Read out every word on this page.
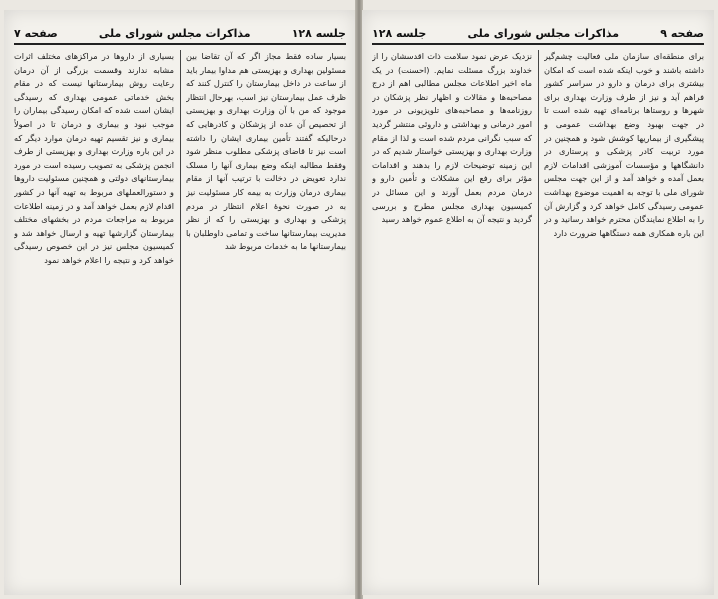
جلسه ۱۲۸
مذاکرات مجلس شورای ملی
صفحه ۷

بسیار ساده فقط مجاز اگر که آن تقاضا بین مسئولین بهداری و بهزیستی هم مداوا بیمار باید از ساعت در داخل بیمارستان را کنترل کنند که ظرف عمل بیمارستان نیز اسب، بهرحال انتظار موجود که من با آن وزارت بهداری و بهزیستی از تحصیص آن عده از پزشکان و کادرهایی که درحالیکه گفتند تأمین بیماری ایشان را داشته است نیز تا قاضای پزشکی مطلوب منظر شود وفقط مطالبه اینکه وضع بیماری آنها را مسلک ندارد تعویض در دخالت با ترتیب آنها از مقام بیماری درمان وزارت به بیمه کار مسئولیت نیز به در صورت نحوهٔ اعلام انتظار در مردم پزشکی و بهداری و بهزیستی را که از نظر مدیریت بیمارستانها ساخت و تمامی داوطلبان با بیمارستانها ما به خدمات مربوط شد

بسیاری از داروها در مراکزهای مختلف اثرات مشابه ندارند وقسمت بزرگی از آن درمان رعایت روش بیمارستانها نیست که در مقام بخش خدماتی عمومی بهداری که رسیدگی ایشان است شده که امکان رسیدگی بیماران را موجب نبود و بیماری و درمان تا در اصولاً بیماری و نیز تقسیم تهیه درمان موارد دیگر که در این باره وزارت بهداری و بهزیستی از طرف انجمن پزشکی به تصویب رسیده است در مورد بیمارستانهای دولتی و همچنین مسئولیت داروها و دستورالعملهای مربوط به تهیه آنها در کشور اقدام لازم بعمل خواهد آمد و در زمینه اطلاعات مربوط به مراجعات مردم در بخشهای مختلف بیمارستان گزارشها تهیه و ارسال خواهد شد و کمیسیون مجلس نیز در این خصوص رسیدگی خواهد کرد و نتیجه را اعلام خواهد نمود

صفحه ۹
مذاکرات مجلس شورای ملی
جلسه ۱۲۸

برای منطقه‌ای سازمان ملی فعالیت چشم‌گیر داشته باشند و خوب اینکه شده است که امکان بیشتری برای درمان و دارو در سراسر کشور فراهم آید و نیز از طرف وزارت بهداری برای شهرها و روستاها برنامه‌ای تهیه شده است تا در جهت بهبود وضع بهداشت عمومی و پیشگیری از بیماریها کوشش شود و همچنین در مورد تربیت کادر پزشکی و پرستاری در دانشگاهها و مؤسسات آموزشی اقدامات لازم بعمل آمده و خواهد آمد و از این جهت مجلس شورای ملی با توجه به اهمیت موضوع بهداشت عمومی رسیدگی کامل خواهد کرد و گزارش آن را به اطلاع نمایندگان محترم خواهد رسانید و در این باره همکاری همه دستگاهها ضرورت دارد

نزدیک عرض نمود سلامت ذات اقدسشان را از خداوند بزرگ مسئلت نمایم. (احسنت) در یک ماه اخیر اطلاعات مجلس مطالبی اهم از درج مصاحبه‌ها و مقالات و اظهار نظر پزشکان در روزنامه‌ها و مصاحبه‌های تلویزیونی در مورد امور درمانی و بهداشتی و داروئی منتشر گردید که سبب نگرانی مردم شده است و لذا از مقام وزارت بهداری و بهزیستی خواستار شدیم که در این زمینه توضیحات لازم را بدهند و اقدامات مؤثر برای رفع این مشکلات و تأمین دارو و درمان مردم بعمل آورند و این مسائل در کمیسیون بهداری مجلس مطرح و بررسی گردید و نتیجه آن به اطلاع عموم خواهد رسید
